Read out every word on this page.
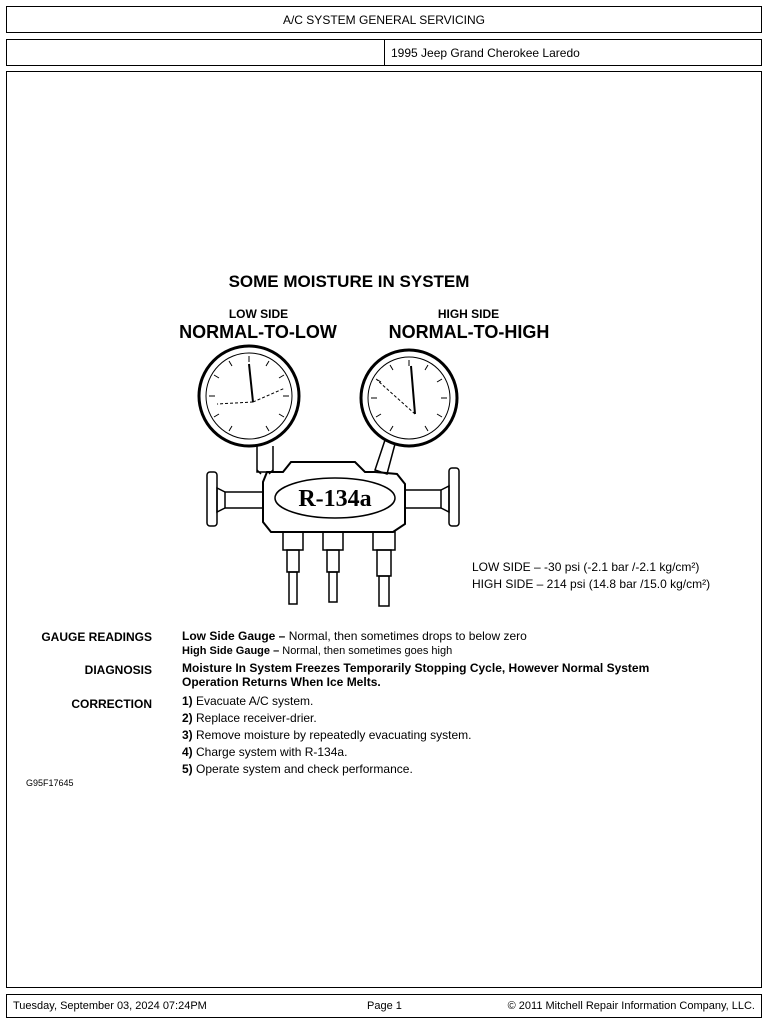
A/C SYSTEM GENERAL SERVICING
1995 Jeep Grand Cherokee Laredo
SOME MOISTURE IN SYSTEM
LOW SIDE
NORMAL-TO-LOW
HIGH SIDE
NORMAL-TO-HIGH
R-134a
LOW SIDE – -30 psi (-2.1 bar /-2.1 kg/cm²)
HIGH SIDE – 214 psi (14.8 bar /15.0 kg/cm²)
GAUGE READINGS	Low Side Gauge – Normal, then sometimes drops to below zero
High Side Gauge – Normal, then sometimes goes high
DIAGNOSIS	Moisture In System Freezes Temporarily Stopping Cycle, However Normal System
Operation Returns When Ice Melts.
CORRECTION	1) Evacuate A/C system.
2) Replace receiver-drier.
3) Remove moisture by repeatedly evacuating system.
4) Charge system with R-134a.
5) Operate system and check performance.
G95F17645
Tuesday, September 03, 2024 07:24PM	Page 1	© 2011 Mitchell Repair Information Company, LLC.
